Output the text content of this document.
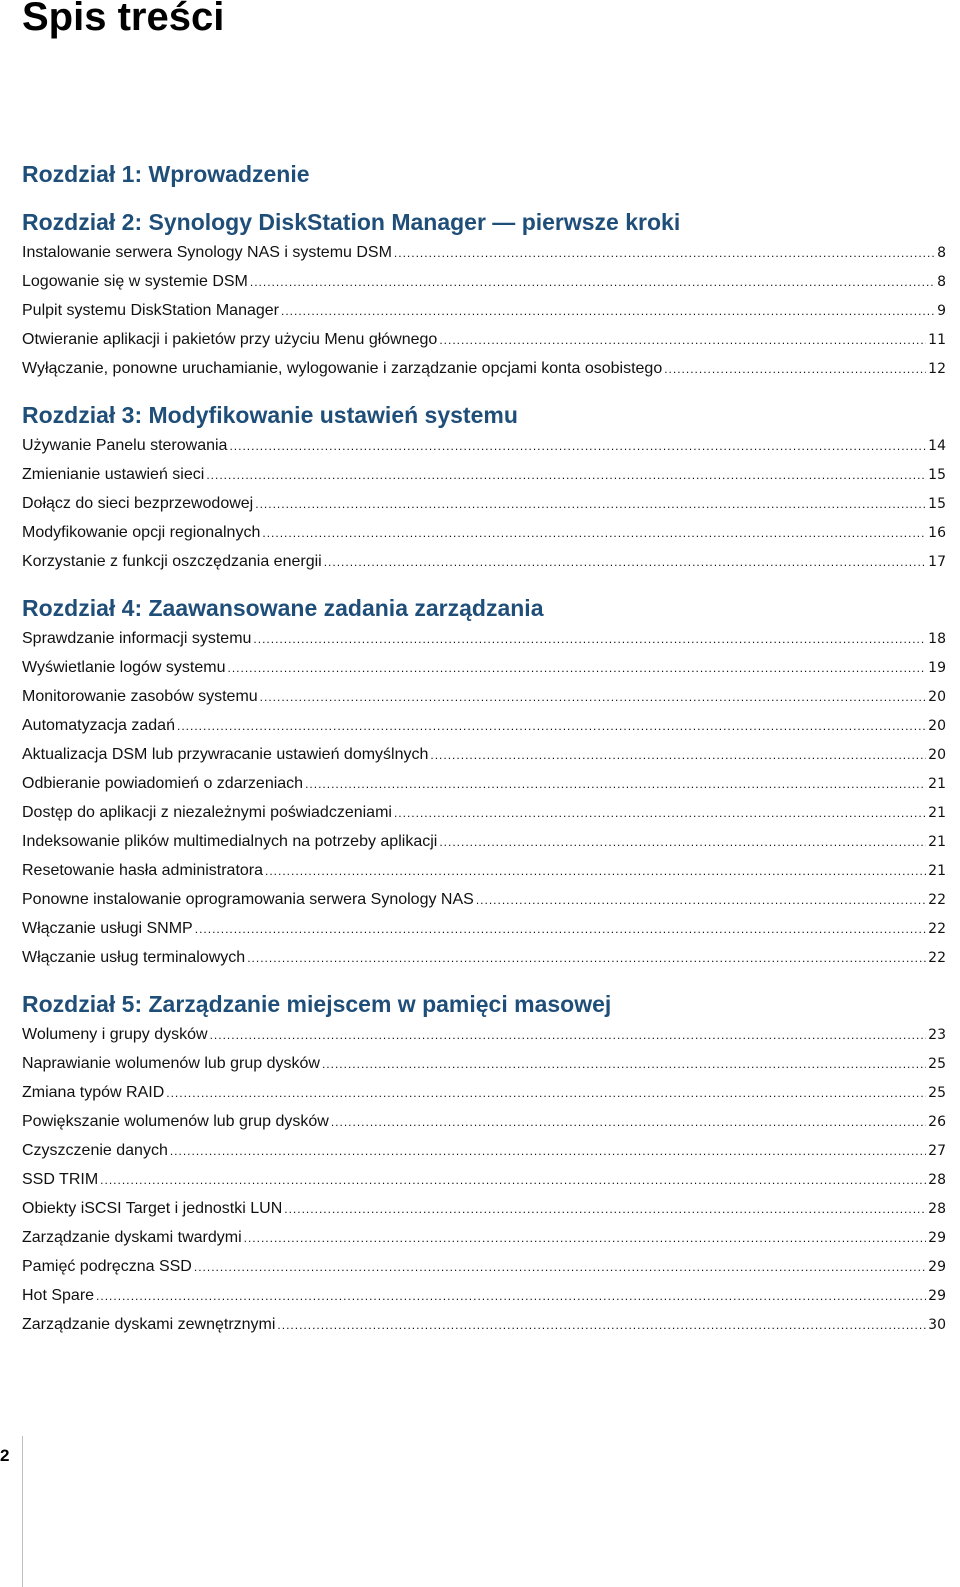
Spis treści
Rozdział 1: Wprowadzenie
Rozdział 2: Synology DiskStation Manager — pierwsze kroki
Instalowanie serwera Synology NAS i systemu DSM .....	8
Logowanie się w systemie DSM .....	8
Pulpit systemu DiskStation Manager .....	9
Otwieranie aplikacji i pakietów przy użyciu Menu głównego .....	11
Wyłączanie, ponowne uruchamianie, wylogowanie i zarządzanie opcjami konta osobistego .....	12
Rozdział 3: Modyfikowanie ustawień systemu
Używanie Panelu sterowania .....	14
Zmienianie ustawień sieci .....	15
Dołącz do sieci bezprzewodowej .....	15
Modyfikowanie opcji regionalnych .....	16
Korzystanie z funkcji oszczędzania energii .....	17
Rozdział 4: Zaawansowane zadania zarządzania
Sprawdzanie informacji systemu .....	18
Wyświetlanie logów systemu .....	19
Monitorowanie zasobów systemu .....	20
Automatyzacja zadań .....	20
Aktualizacja DSM lub przywracanie ustawień domyślnych .....	20
Odbieranie powiadomień o zdarzeniach .....	21
Dostęp do aplikacji z niezależnymi poświadczeniami .....	21
Indeksowanie plików multimedialnych na potrzeby aplikacji .....	21
Resetowanie hasła administratora .....	21
Ponowne instalowanie oprogramowania serwera Synology NAS .....	22
Włączanie usługi SNMP .....	22
Włączanie usług terminalowych .....	22
Rozdział 5: Zarządzanie miejscem w pamięci masowej
Wolumeny i grupy dysków .....	23
Naprawianie wolumenów lub grup dysków .....	25
Zmiana typów RAID .....	25
Powiększanie wolumenów lub grup dysków .....	26
Czyszczenie danych .....	27
SSD TRIM .....	28
Obiekty iSCSI Target i jednostki LUN .....	28
Zarządzanie dyskami twardymi .....	29
Pamięć podręczna SSD .....	29
Hot Spare .....	29
Zarządzanie dyskami zewnętrznymi .....	30
2
